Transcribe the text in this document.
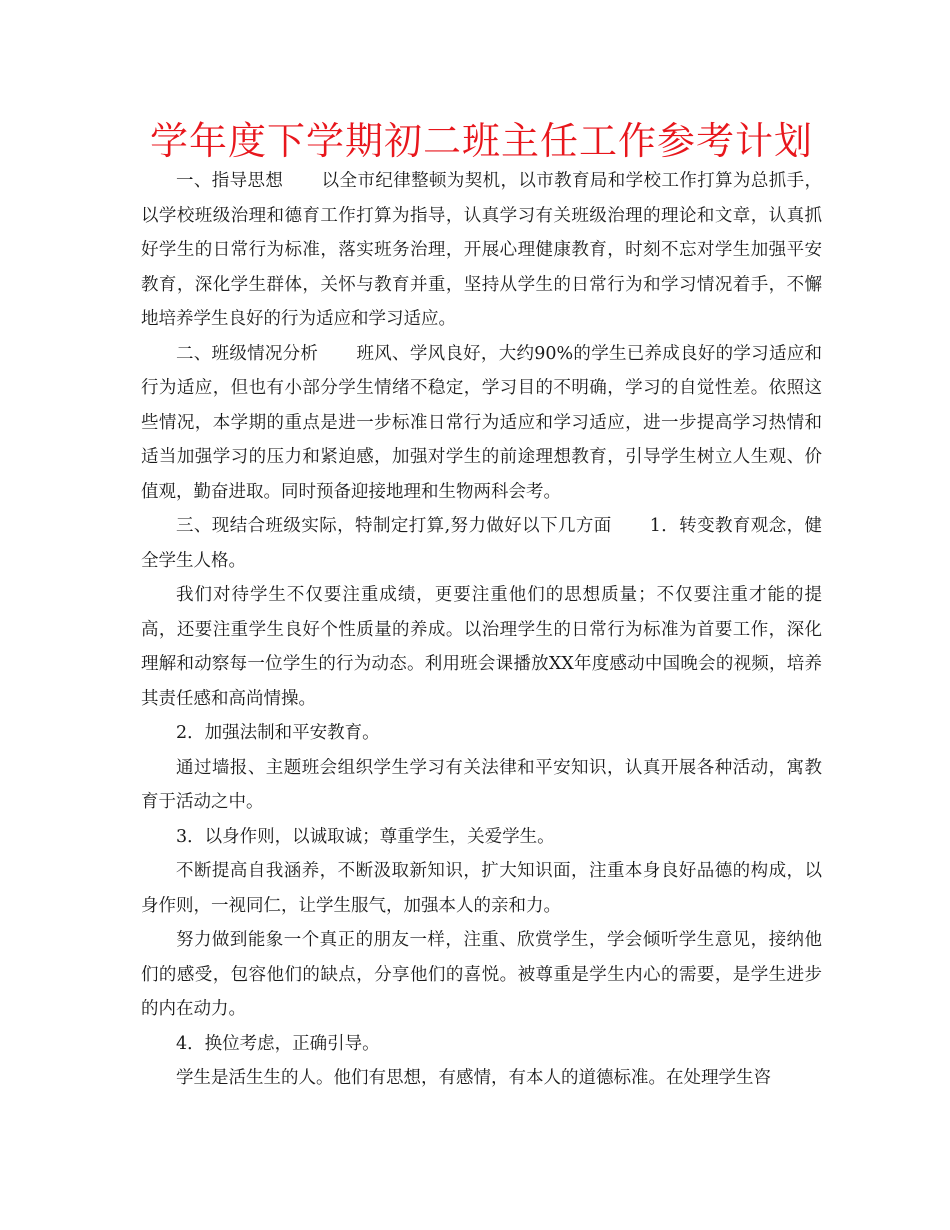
学年度下学期初二班主任工作参考计划

一、指导思想 以全市纪律整顿为契机，以市教育局和学校工作打算为总抓手，以学校班级治理和德育工作打算为指导，认真学习有关班级治理的理论和文章，认真抓好学生的日常行为标准，落实班务治理，开展心理健康教育，时刻不忘对学生加强平安教育，深化学生群体，关怀与教育并重，坚持从学生的日常行为和学习情况着手，不懈地培养学生良好的行为适应和学习适应。

二、班级情况分析 班风、学风良好，大约90%的学生已养成良好的学习适应和行为适应，但也有小部分学生情绪不稳定，学习目的不明确，学习的自觉性差。依照这些情况，本学期的重点是进一步标准日常行为适应和学习适应，进一步提高学习热情和适当加强学习的压力和紧迫感，加强对学生的前途理想教育，引导学生树立人生观、价值观，勤奋进取。同时预备迎接地理和生物两科会考。

三、现结合班级实际，特制定打算,努力做好以下几方面 1．转变教育观念，健全学生人格。

我们对待学生不仅要注重成绩，更要注重他们的思想质量；不仅要注重才能的提高，还要注重学生良好个性质量的养成。以治理学生的日常行为标准为首要工作，深化理解和动察每一位学生的行为动态。利用班会课播放XX年度感动中国晚会的视频，培养其责任感和高尚情操。

2．加强法制和平安教育。

通过墙报、主题班会组织学生学习有关法律和平安知识，认真开展各种活动，寓教育于活动之中。

3．以身作则，以诚取诚；尊重学生，关爱学生。

不断提高自我涵养，不断汲取新知识，扩大知识面，注重本身良好品德的构成，以身作则，一视同仁，让学生服气，加强本人的亲和力。

努力做到能象一个真正的朋友一样，注重、欣赏学生，学会倾听学生意见，接纳他们的感受，包容他们的缺点，分享他们的喜悦。被尊重是学生内心的需要，是学生进步的内在动力。

4．换位考虑，正确引导。

学生是活生生的人。他们有思想，有感情，有本人的道德标准。在处理学生咨
